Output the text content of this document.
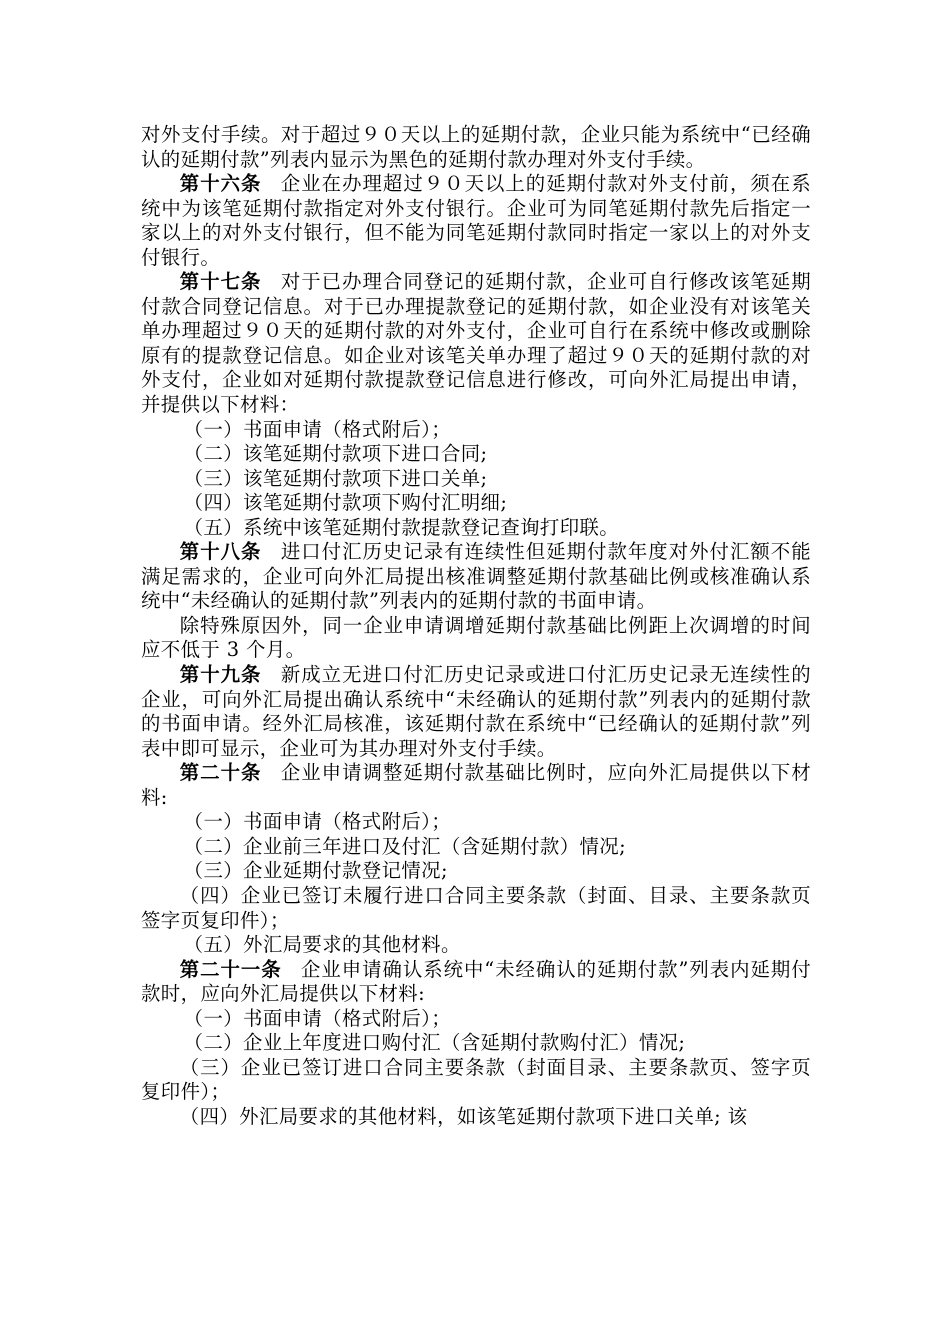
对外支付手续。对于超过９０天以上的延期付款，企业只能为系统中“已经确认的延期付款”列表内显示为黑色的延期付款办理对外支付手续。

第十六条 企业在办理超过９０天以上的延期付款对外支付前，须在系统中为该笔延期付款指定对外支付银行。企业可为同笔延期付款先后指定一家以上的对外支付银行，但不能为同笔延期付款同时指定一家以上的对外支付银行。

第十七条 对于已办理合同登记的延期付款，企业可自行修改该笔延期付款合同登记信息。对于已办理提款登记的延期付款，如企业没有对该笔关单办理超过９０天的延期付款的对外支付，企业可自行在系统中修改或删除原有的提款登记信息。如企业对该笔关单办理了超过９０天的延期付款的对外支付，企业如对延期付款提款登记信息进行修改，可向外汇局提出申请，并提供以下材料：

（一）书面申请（格式附后）；

（二）该笔延期付款项下进口合同;

（三）该笔延期付款项下进口关单;

（四）该笔延期付款项下购付汇明细;

（五）系统中该笔延期付款提款登记查询打印联。

第十八条 进口付汇历史记录有连续性但延期付款年度对外付汇额不能满足需求的，企业可向外汇局提出核准调整延期付款基础比例或核准确认系统中“未经确认的延期付款”列表内的延期付款的书面申请。

除特殊原因外，同一企业申请调增延期付款基础比例距上次调增的时间应不低于 3 个月。

第十九条 新成立无进口付汇历史记录或进口付汇历史记录无连续性的企业，可向外汇局提出确认系统中“未经确认的延期付款”列表内的延期付款的书面申请。经外汇局核准，该延期付款在系统中“已经确认的延期付款”列表中即可显示，企业可为其办理对外支付手续。

第二十条 企业申请调整延期付款基础比例时，应向外汇局提供以下材料:

（一）书面申请（格式附后）；

（二）企业前三年进口及付汇（含延期付款）情况;

（三）企业延期付款登记情况;

（四）企业已签订未履行进口合同主要条款（封面、目录、主要条款页签字页复印件）；

（五）外汇局要求的其他材料。

第二十一条 企业申请确认系统中“未经确认的延期付款”列表内延期付款时，应向外汇局提供以下材料:

（一）书面申请（格式附后）；

（二）企业上年度进口购付汇（含延期付款购付汇）情况;

（三）企业已签订进口合同主要条款（封面目录、主要条款页、签字页复印件）；

（四）外汇局要求的其他材料，如该笔延期付款项下进口关单; 该
